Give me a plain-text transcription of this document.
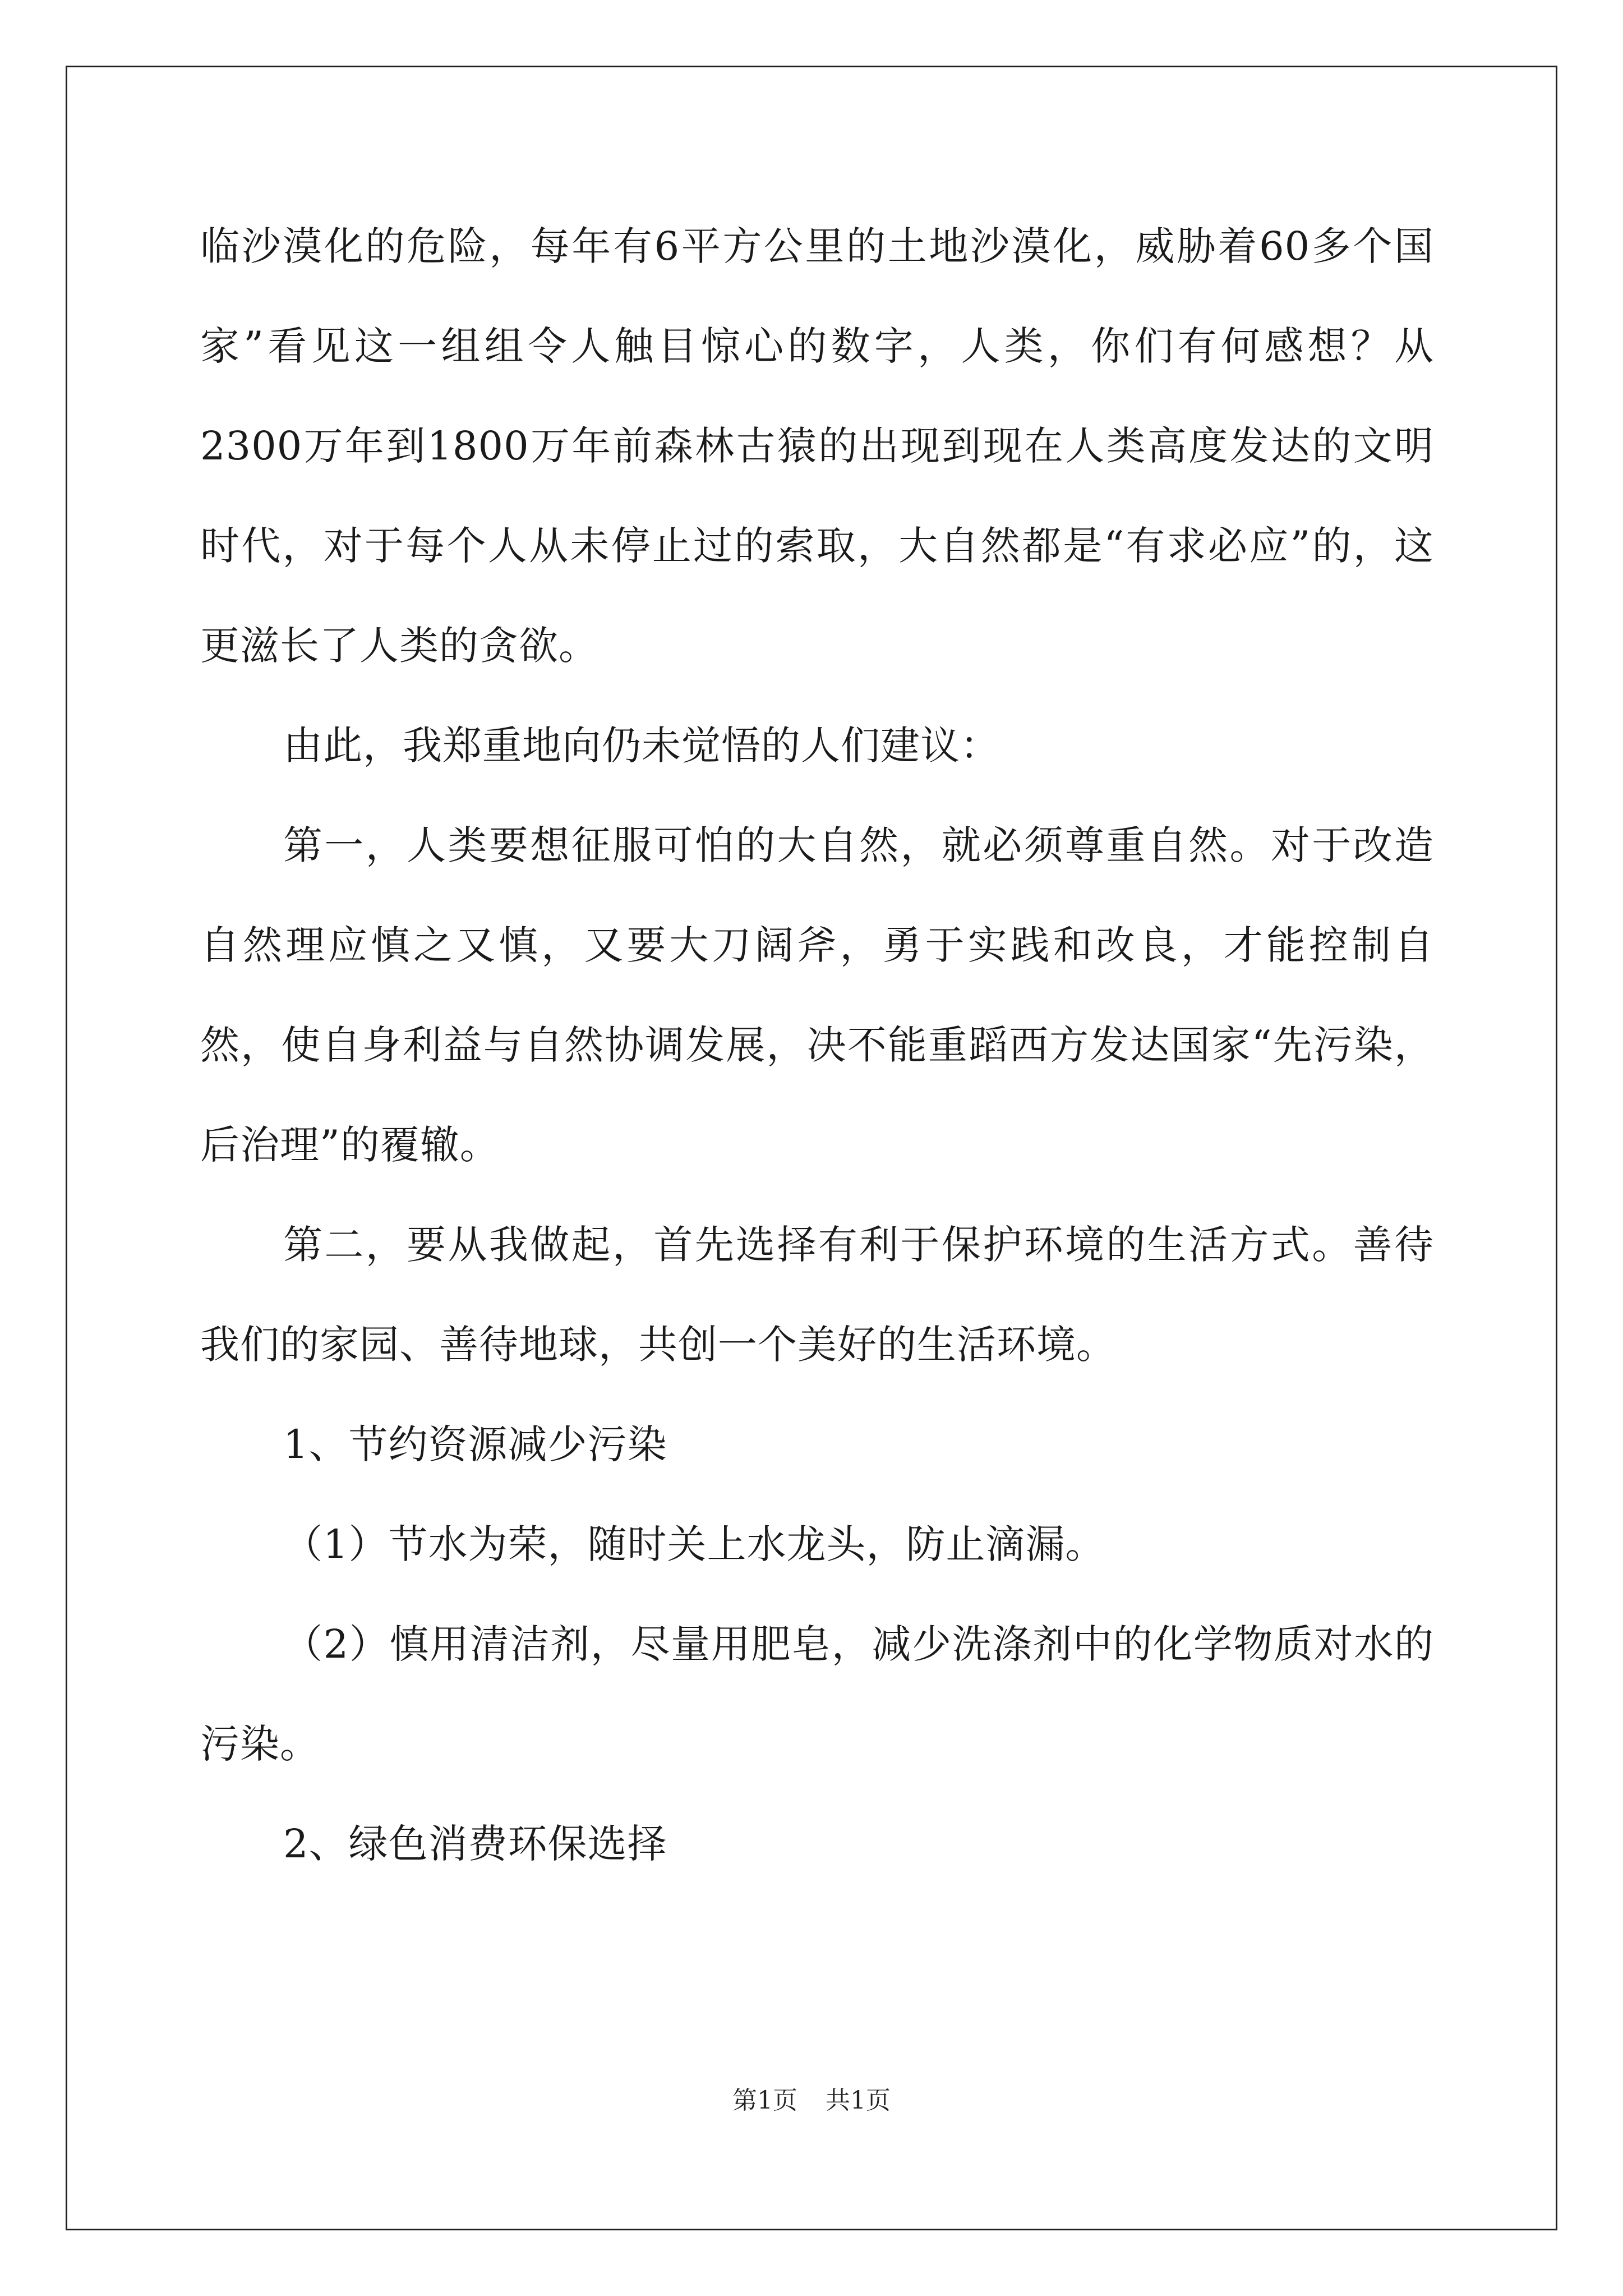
临沙漠化的危险，每年有6平方公里的土地沙漠化，威胁着60多个国家”看见这一组组令人触目惊心的数字，人类，你们有何感想？从2300万年到1800万年前森林古猿的出现到现在人类高度发达的文明时代，对于每个人从未停止过的索取，大自然都是“有求必应”的，这更滋长了人类的贪欲。

由此，我郑重地向仍未觉悟的人们建议：

第一，人类要想征服可怕的大自然，就必须尊重自然。对于改造自然理应慎之又慎，又要大刀阔斧，勇于实践和改良，才能控制自然，使自身利益与自然协调发展，决不能重蹈西方发达国家“先污染，后治理”的覆辙。

第二，要从我做起，首先选择有利于保护环境的生活方式。善待我们的家园、善待地球，共创一个美好的生活环境。

1、节约资源减少污染

（1）节水为荣，随时关上水龙头，防止滴漏。

（2）慎用清洁剂，尽量用肥皂，减少洗涤剂中的化学物质对水的污染。

2、绿色消费环保选择

第1页 共1页
